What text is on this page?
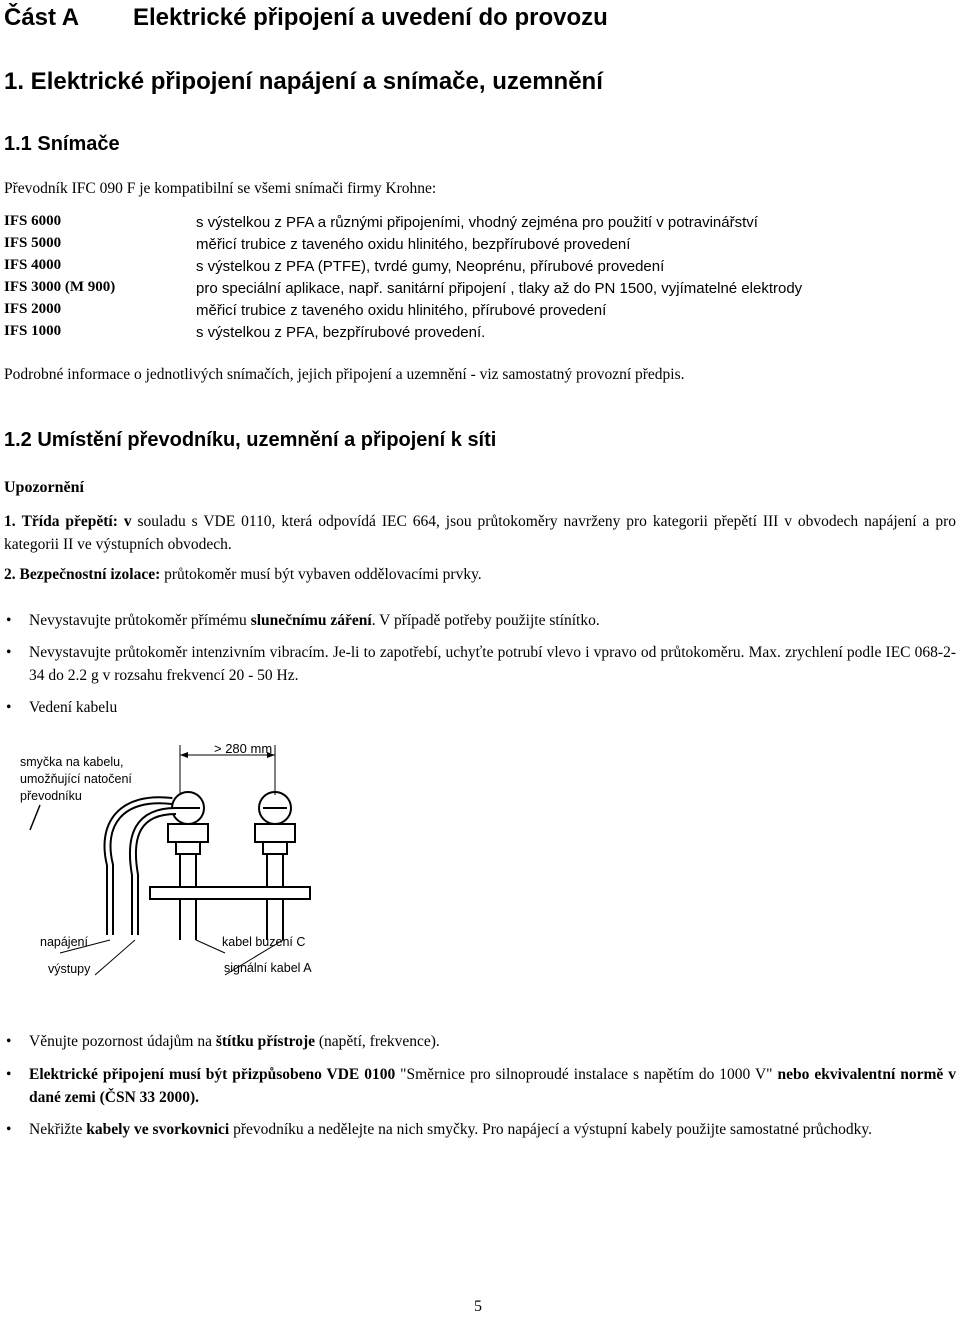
Část A Elektrické připojení a uvedení do provozu
1. Elektrické připojení napájení a snímače, uzemnění
1.1 Snímače
Převodník IFC 090 F je kompatibilní se všemi snímači firmy Krohne:
IFS 6000	s výstelkou z PFA a různými připojeními, vhodný zejména pro použití v potravinářství
IFS 5000	měřicí trubice z taveného oxidu hlinitého, bezpřírubové provedení
IFS 4000	s výstelkou z PFA (PTFE), tvrdé gumy, Neoprénu, přírubové provedení
IFS 3000 (M 900)	pro speciální aplikace, např. sanitární připojení , tlaky až do PN 1500, vyjímatelné elektrody
IFS 2000	měřicí trubice z taveného oxidu hlinitého, přírubové provedení
IFS 1000	s výstelkou z PFA, bezpřírubové provedení.
Podrobné informace o jednotlivých snímačích, jejich připojení a uzemnění - viz samostatný provozní předpis.
1.2 Umístění převodníku, uzemnění a připojení k síti
Upozornění
1. Třída přepětí: v souladu s VDE 0110, která odpovídá IEC 664, jsou průtokoměry navrženy pro kategorii přepětí III v obvodech napájení a pro kategorii II ve výstupních obvodech.
2. Bezpečnostní izolace: průtokoměr musí být vybaven oddělovacími prvky.
• Nevystavujte průtokoměr přímému slunečnímu záření. V případě potřeby použijte stínítko.
• Nevystavujte průtokoměr intenzivním vibracím. Je-li to zapotřebí, uchyťte potrubí vlevo i vpravo od průtokoměru. Max. zrychlení podle IEC 068-2-34 do 2.2 g v rozsahu frekvencí 20 - 50 Hz.
• Vedení kabelu
smyčka na kabelu,
umožňující natočení
převodníku
> 280 mm
napájení
výstupy
kabel buzení C
signální kabel A
• Věnujte pozornost údajům na štítku přístroje (napětí, frekvence).
• Elektrické připojení musí být přizpůsobeno VDE 0100 "Směrnice pro silnoproudé instalace s napětím do 1000 V" nebo ekvivalentní normě v dané zemi (ČSN 33 2000).
• Nekřižte kabely ve svorkovnici převodníku a nedělejte na nich smyčky. Pro napájecí a výstupní kabely použijte samostatné průchodky.
5
